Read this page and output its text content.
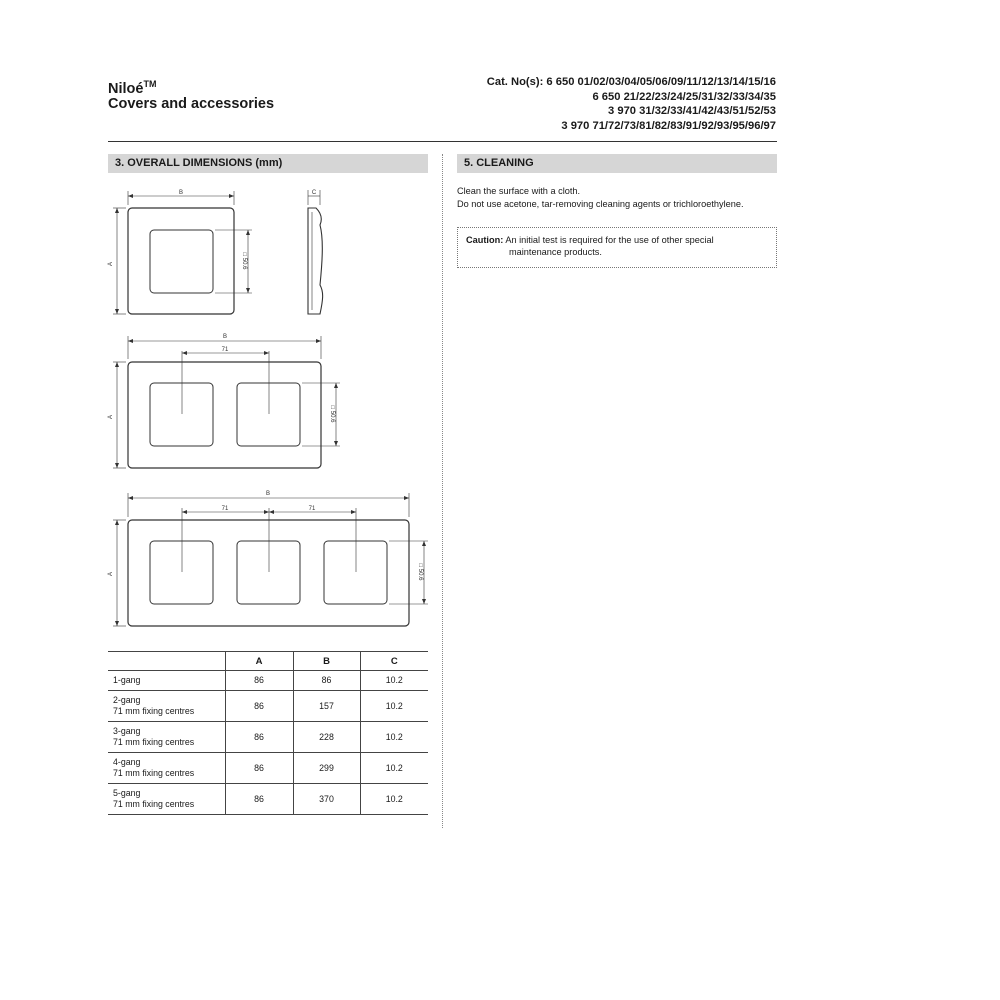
Niloé™
Covers and accessories
Cat. No(s): 6 650 01/02/03/04/05/06/09/11/12/13/14/15/16
6 650 21/22/23/24/25/31/32/33/34/35
3 970 31/32/33/41/42/43/51/52/53
3 970 71/72/73/81/82/83/91/92/93/95/96/97
3. OVERALL DIMENSIONS (mm)	5. CLEANING
Clean the surface with a cloth.
Do not use acetone, tar-removing cleaning agents or trichloroethylene.
Caution: An initial test is required for the use of other special
maintenance products.
B
A	□ 50.6
C
B
71
A	□ 50.6
B
71	71
A	□ 50.6
	A	B	C

1-gang	86	86	10.2

2-gang
71 mm fixing centres	86	157	10.2

3-gang
71 mm fixing centres	86	228	10.2

4-gang
71 mm fixing centres	86	299	10.2

5-gang
71 mm fixing centres	86	370	10.2
